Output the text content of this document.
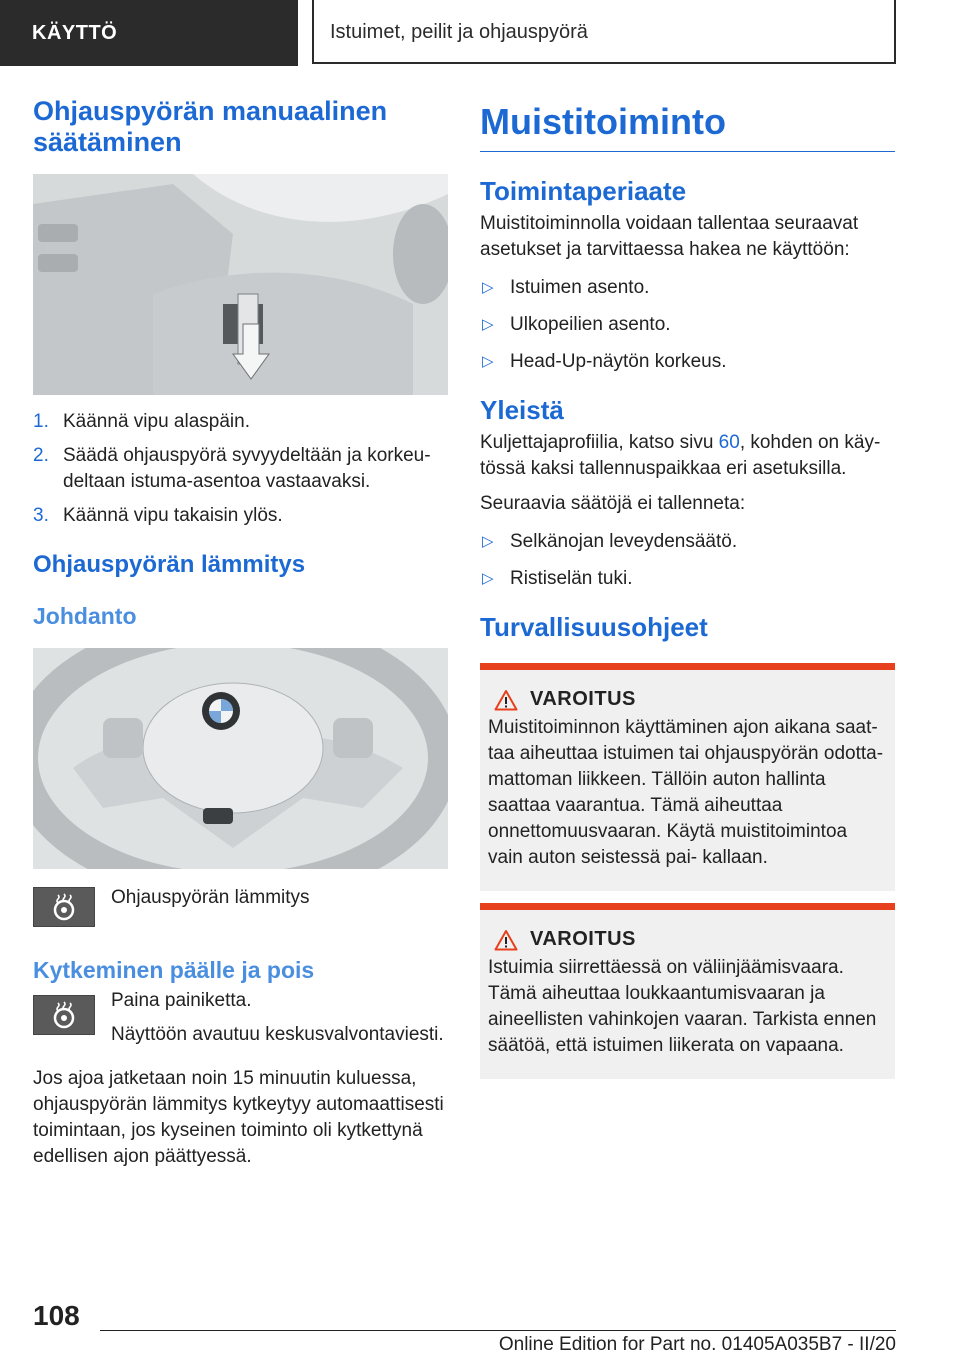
KÄYTTÖ	Istuimet, peilit ja ohjauspyörä
Ohjauspyörän manuaalinen säätäminen
1. Käännä vipu alaspäin.
2. Säädä ohjauspyörä syvyydeltään ja korkeu‐ deltaan istuma-asentoa vastaavaksi.
3. Käännä vipu takaisin ylös.
Ohjauspyörän lämmitys
Johdanto

Ohjauspyörän lämmitys

Kytkeminen päälle ja pois

Paina painiketta.

Näyttöön avautuu keskusvalvontaviesti.

Jos ajoa jatketaan noin 15 minuutin kuluessa, ohjauspyörän lämmitys kytkeytyy automaattisesti toimintaan, jos kyseinen toiminto oli kytkettynä edellisen ajon päättyessä.

Muistitoiminto
Toimintaperiaate

Muistitoiminnolla voidaan tallentaa seuraavat asetukset ja tarvittaessa hakea ne käyttöön:

▷ Istuimen asento.
▷ Ulkopeilien asento.
▷ Head-Up-näytön korkeus.
Yleistä

Kuljettajaprofiilia, katso sivu 60, kohden on käy‐ tössä kaksi tallennuspaikkaa eri asetuksilla.

Seuraavia säätöjä ei tallenneta:

▷ Selkänojan leveydensäätö.
▷ Ristiselän tuki.
Turvallisuusohjeet
VAROITUS

Muistitoiminnon käyttäminen ajon aikana saat‐ taa aiheuttaa istuimen tai ohjauspyörän odotta‐ mattoman liikkeen. Tällöin auton hallinta saattaa vaarantua. Tämä aiheuttaa onnettomuusvaaran. Käytä muistitoimintoa vain auton seistessä pai‐ kallaan.

VAROITUS

Istuimia siirrettäessä on väliinjäämisvaara. Tämä aiheuttaa loukkaantumisvaaran ja aineellisten vahinkojen vaaran. Tarkista ennen säätöä, että istuimen liikerata on vapaana.

108
Online Edition for Part no. 01405A035B7 - II/20
